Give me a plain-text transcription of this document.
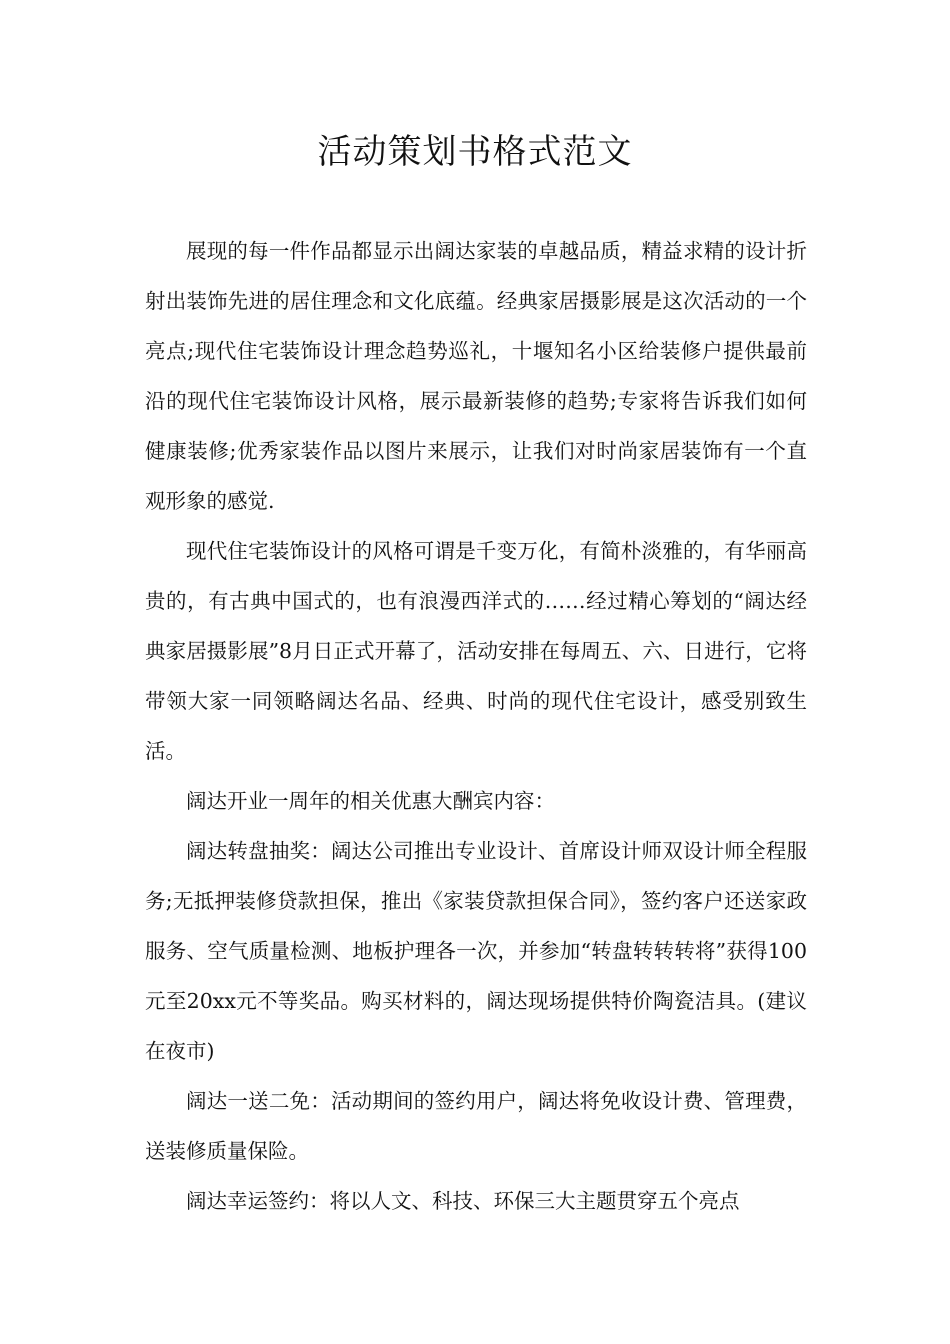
活动策划书格式范文

展现的每一件作品都显示出阔达家装的卓越品质，精益求精的设计折射出装饰先进的居住理念和文化底蕴。经典家居摄影展是这次活动的一个亮点;现代住宅装饰设计理念趋势巡礼，十堰知名小区给装修户提供最前沿的现代住宅装饰设计风格，展示最新装修的趋势;专家将告诉我们如何健康装修;优秀家装作品以图片来展示，让我们对时尚家居装饰有一个直观形象的感觉.

现代住宅装饰设计的风格可谓是千变万化，有简朴淡雅的，有华丽高贵的，有古典中国式的，也有浪漫西洋式的……经过精心筹划的“阔达经典家居摄影展”8月日正式开幕了，活动安排在每周五、六、日进行，它将带领大家一同领略阔达名品、经典、时尚的现代住宅设计，感受别致生活。

阔达开业一周年的相关优惠大酬宾内容：

阔达转盘抽奖：阔达公司推出专业设计、首席设计师双设计师全程服务;无抵押装修贷款担保，推出《家装贷款担保合同》，签约客户还送家政服务、空气质量检测、地板护理各一次，并参加“转盘转转转将”获得100元至20xx元不等奖品。购买材料的，阔达现场提供特价陶瓷洁具。(建议在夜市)

阔达一送二免：活动期间的签约用户，阔达将免收设计费、管理费，送装修质量保险。

阔达幸运签约：将以人文、科技、环保三大主题贯穿五个亮点
